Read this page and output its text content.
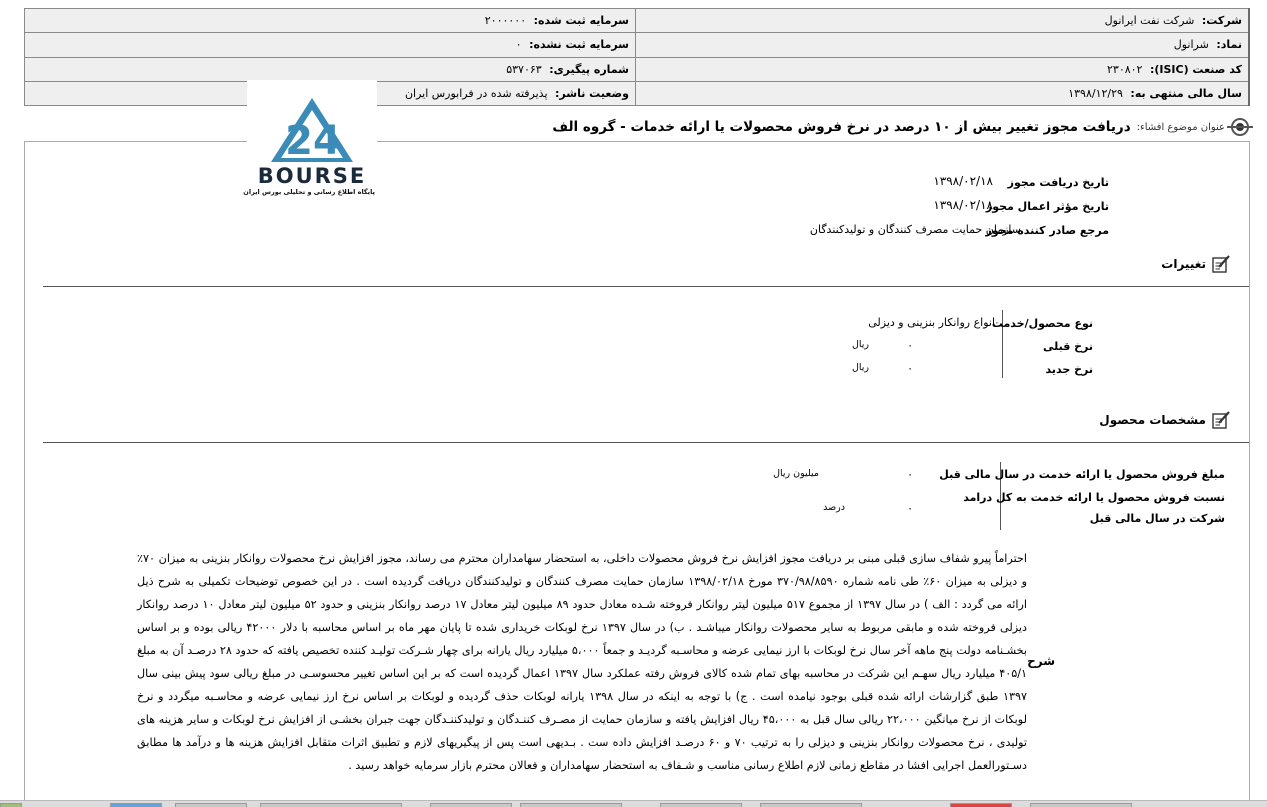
شرکت: شرکت نفت ایرانول	سرمایه ثبت شده: ۲۰۰۰۰۰۰
نماد: شرانول	سرمایه ثبت نشده: ۰
کد صنعت (ISIC): ۲۳۰۸۰۲	شماره پیگیری: ۵۳۷۰۶۳
سال مالی منتهی به: ۱۳۹۸/۱۲/۲۹	وضعیت ناشر: پذیرفته شده در فرابورس ایران
24
BOURSE
پایگاه اطلاع رسانی و تحلیلی بورس ایران
عنوان موضوع افشاء:
دریافت مجوز تغییر بیش از ۱۰ درصد در نرخ فروش محصولات یا ارائه خدمات - گروه الف
تاریخ دریافت مجوز
۱۳۹۸/۰۲/۱۸
تاریخ مؤثر اعمال مجوز
۱۳۹۸/۰۲/۱۸
مرجع صادر کننده مجوز
سازمان حمایت مصرف کنندگان و تولیدکنندگان
تغییرات
نوع محصول/خدمت
انواع روانکار بنزینی و دیزلی
نرخ قبلی
۰
ریال
نرخ جدید
۰
ریال
مشخصات محصول
مبلغ فروش محصول یا ارائه خدمت در سال مالی قبل
۰
میلیون ریال
نسبت فروش محصول یا ارائه خدمت به کل درامد
شرکت در سال مالی قبل
۰
درصد
شرح
احتراماً پیرو شفاف سازی قبلی مبنی بر دریافت مجوز افزایش نرخ فروش محصولات داخلی، به استحضار سهامداران محترم می رساند، مجوز افزایش نرخ محصولات روانکار بنزینی به میزان ۷۰٪ و دیزلی به میزان ۶۰٪ طی نامه شماره ۳۷۰/۹۸/۸۵۹۰ مورخ ۱۳۹۸/۰۲/۱۸ سازمان حمایت مصرف کنندگان و تولیدکنندگان دریافت گردیده است . در این خصوص توضیحات تکمیلی به شرح ذیل ارائه می گردد : الف ) در سال ۱۳۹۷ از مجموع ۵۱۷ میلیون لیتر روانکار فروخته شـده معادل حدود ۸۹ میلیون لیتر معادل ۱۷ درصد روانکار بنزینی و حدود ۵۲ میلیون لیتر معادل ۱۰ درصد روانکار دیزلی فروخته شده و مابقی مربوط به سایر محصولات روانکار میباشـد . ب) در سال ۱۳۹۷ نرخ لوبکات خریداری شده تا پایان مهر ماه بر اساس محاسبه با دلار ۴۲۰۰۰ ریالی بوده و بر اساس بخشـنامه دولت پنج ماهه آخر سال نرخ لوبکات با ارز نیمایی عرضه و محاسـبه گردیـد و جمعاً ۵،۰۰۰ میلیارد ریال یارانه برای چهار شـرکت تولیـد کننده تخصیص یافته که حدود ۲۸ درصـد آن به مبلغ ۴۰۵/۱ میلیارد ریال سهـم این شرکت در محاسبه بهای تمام شده کالای فروش رفته عملکرد سال ۱۳۹۷ اعمال گردیده است که بر این اساس تغییر محسوسـی در مبلغ ریالی سود پیش بینی سال ۱۳۹۷ طبق گزارشات ارائه شده قبلی بوجود نیامده است . ج) با توجه به اینکه در سال ۱۳۹۸ یارانه لوبکات حذف گردیده و لوبکات بر اساس نرخ ارز نیمایی عرضه و محاسـبه میگردد و نرخ لوبکات از نرخ میانگین ۲۲،۰۰۰ ریالی سال قبل به ۴۵،۰۰۰ ریال افزایش یافته و سازمان حمایت از مصـرف کننـدگان و تولیدکننـدگان جهت جبران بخشـی از افزایش نرخ لوبکات و سایر هزینه های تولیدی ، نرخ محصولات روانکار بنزینی و دیزلی را به ترتیب ۷۰ و ۶۰ درصـد افزایش داده ست . بـدیهی است پس از پیگیریهای لازم و تطبیق اثرات متقابل افزایش هزینه ها و درآمد ها مطابق دسـتورالعمل اجرایی افشا در مقاطع زمانی لازم اطلاع رسانی مناسب و شـفاف به استحضار سهامداران و فعالان محترم بازار سرمایه خواهد رسید .
